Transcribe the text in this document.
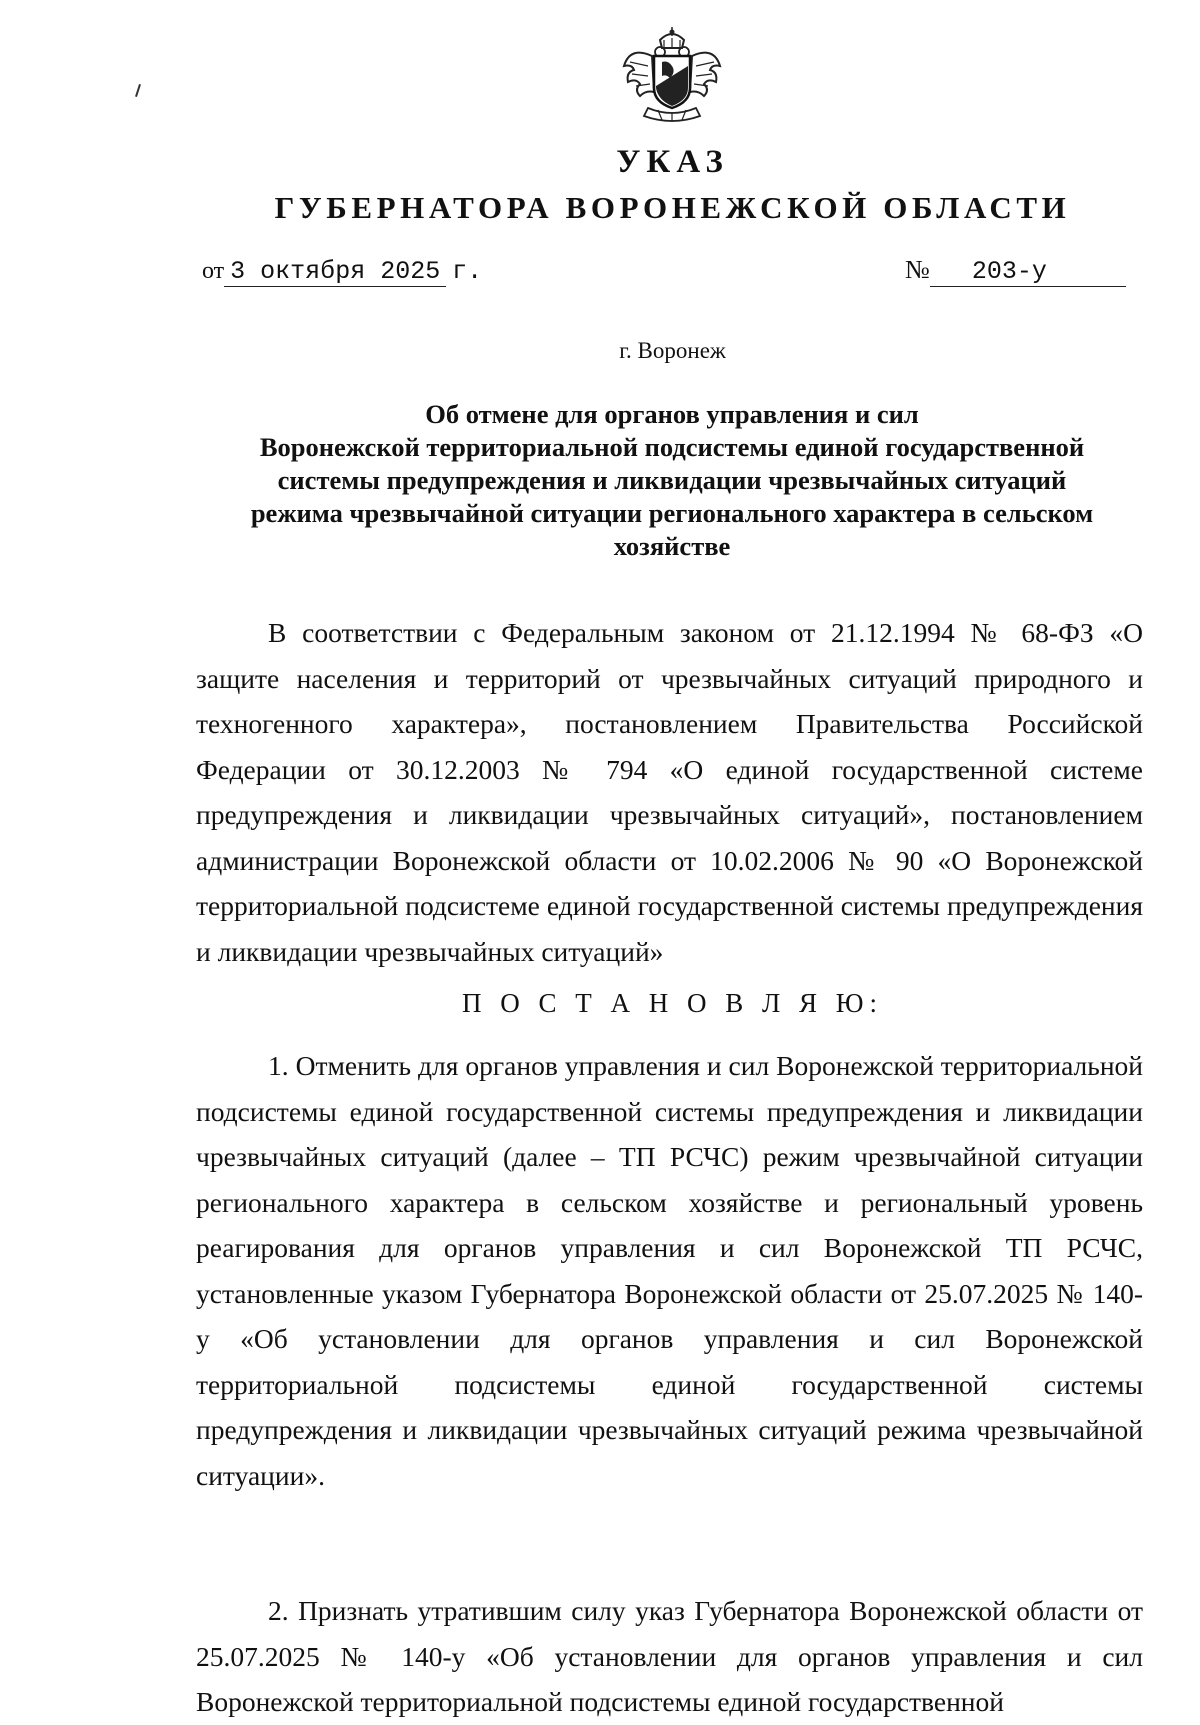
УКАЗ
ГУБЕРНАТОРА ВОРОНЕЖСКОЙ ОБЛАСТИ
от 3 октября 2025 г.	№ 203-у
г. Воронеж
Об отмене для органов управления и сил
Воронежской территориальной подсистемы единой государственной
системы предупреждения и ликвидации чрезвычайных ситуаций
режима чрезвычайной ситуации регионального характера в сельском
хозяйстве

В соответствии с Федеральным законом от 21.12.1994 № 68-ФЗ «О защите населения и территорий от чрезвычайных ситуаций природного и техногенного характера», постановлением Правительства Российской Федерации от 30.12.2003 № 794 «О единой государственной системе предупреждения и ликвидации чрезвычайных ситуаций», постановлением администрации Воронежской области от 10.02.2006 № 90 «О Воронежской территориальной подсистеме единой государственной системы предупреждения и ликвидации чрезвычайных ситуаций»

П О С Т А Н О В Л Я Ю:

1. Отменить для органов управления и сил Воронежской территориальной подсистемы единой государственной системы предупреждения и ликвидации чрезвычайных ситуаций (далее – ТП РСЧС) режим чрезвычайной ситуации регионального характера в сельском хозяйстве и региональный уровень реагирования для органов управления и сил Воронежской ТП РСЧС, установленные указом Губернатора Воронежской области от 25.07.2025 № 140-у «Об установлении для органов управления и сил Воронежской территориальной подсистемы единой государственной системы предупреждения и ликвидации чрезвычайных ситуаций режима чрезвычайной ситуации».

2. Признать утратившим силу указ Губернатора Воронежской области от 25.07.2025 № 140-у «Об установлении для органов управления и сил Воронежской территориальной подсистемы единой государственной
